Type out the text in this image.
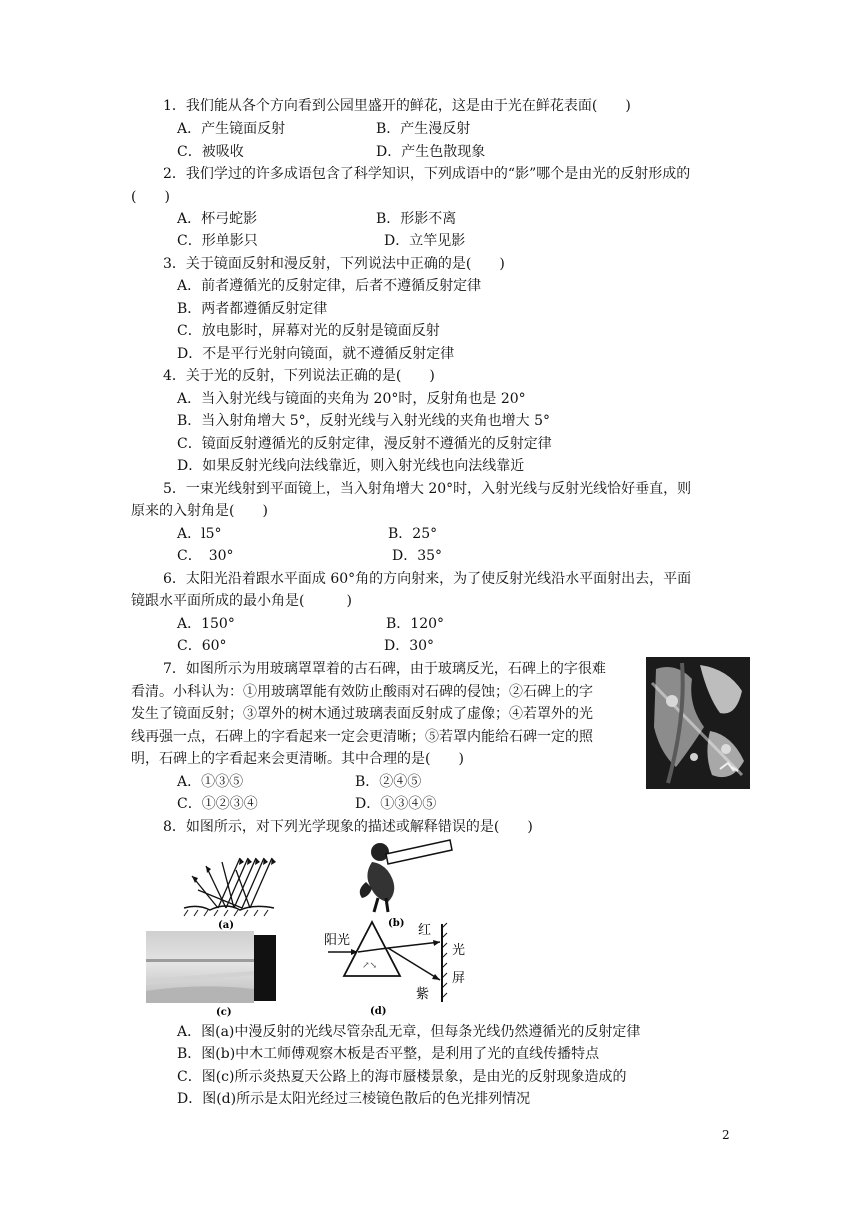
1．我们能从各个方向看到公园里盛开的鲜花，这是由于光在鲜花表面(　　)
A．产生镜面反射	B．产生漫反射
C．被吸收	D．产生色散现象
2．我们学过的许多成语包含了科学知识，下列成语中的“影”哪个是由光的反射形成的
(　　)
A．杯弓蛇影	B．形影不离
C．形单影只	D．立竿见影
3．关于镜面反射和漫反射，下列说法中正确的是(　　)
A．前者遵循光的反射定律，后者不遵循反射定律
B．两者都遵循反射定律
C．放电影时，屏幕对光的反射是镜面反射
D．不是平行光射向镜面，就不遵循反射定律
4．关于光的反射，下列说法正确的是(　　)
A．当入射光线与镜面的夹角为 20°时，反射角也是 20°
B．当入射角增大 5°，反射光线与入射光线的夹角也增大 5°
C．镜面反射遵循光的反射定律，漫反射不遵循光的反射定律
D．如果反射光线向法线靠近，则入射光线也向法线靠近
5．一束光线射到平面镜上，当入射角增大 20°时，入射光线与反射光线恰好垂直，则
原来的入射角是(　　)
A．l5°	B．25°
C．　30°	D．35°
6．太阳光沿着跟水平面成 60°角的方向射来，为了使反射光线沿水平面射出去，平面
镜跟水平面所成的最小角是(　　　)
A．150°	B．120°
C．60°	D．30°
7．如图所示为用玻璃罩罩着的古石碑，由于玻璃反光，石碑上的字很难
看清。小科认为：①用玻璃罩能有效防止酸雨对石碑的侵蚀；②石碑上的字
发生了镜面反射；③罩外的树木通过玻璃表面反射成了虚像；④若罩外的光
线再强一点，石碑上的字看起来一定会更清晰；⑤若罩内能给石碑一定的照
明，石碑上的字看起来会更清晰。其中合理的是(　　)
A．①③⑤	B．②④⑤
C．①②③④	D．①③④⑤
8．如图所示，对下列光学现象的描述或解释错误的是(　　)
(a)	(b)
(c)
阳光
↗↘
红
紫
光
屏
(d)
A．图(a)中漫反射的光线尽管杂乱无章，但每条光线仍然遵循光的反射定律
B．图(b)中木工师傅观察木板是否平整，是利用了光的直线传播特点
C．图(c)所示炎热夏天公路上的海市蜃楼景象，是由光的反射现象造成的
D．图(d)所示是太阳光经过三棱镜色散后的色光排列情况
2
